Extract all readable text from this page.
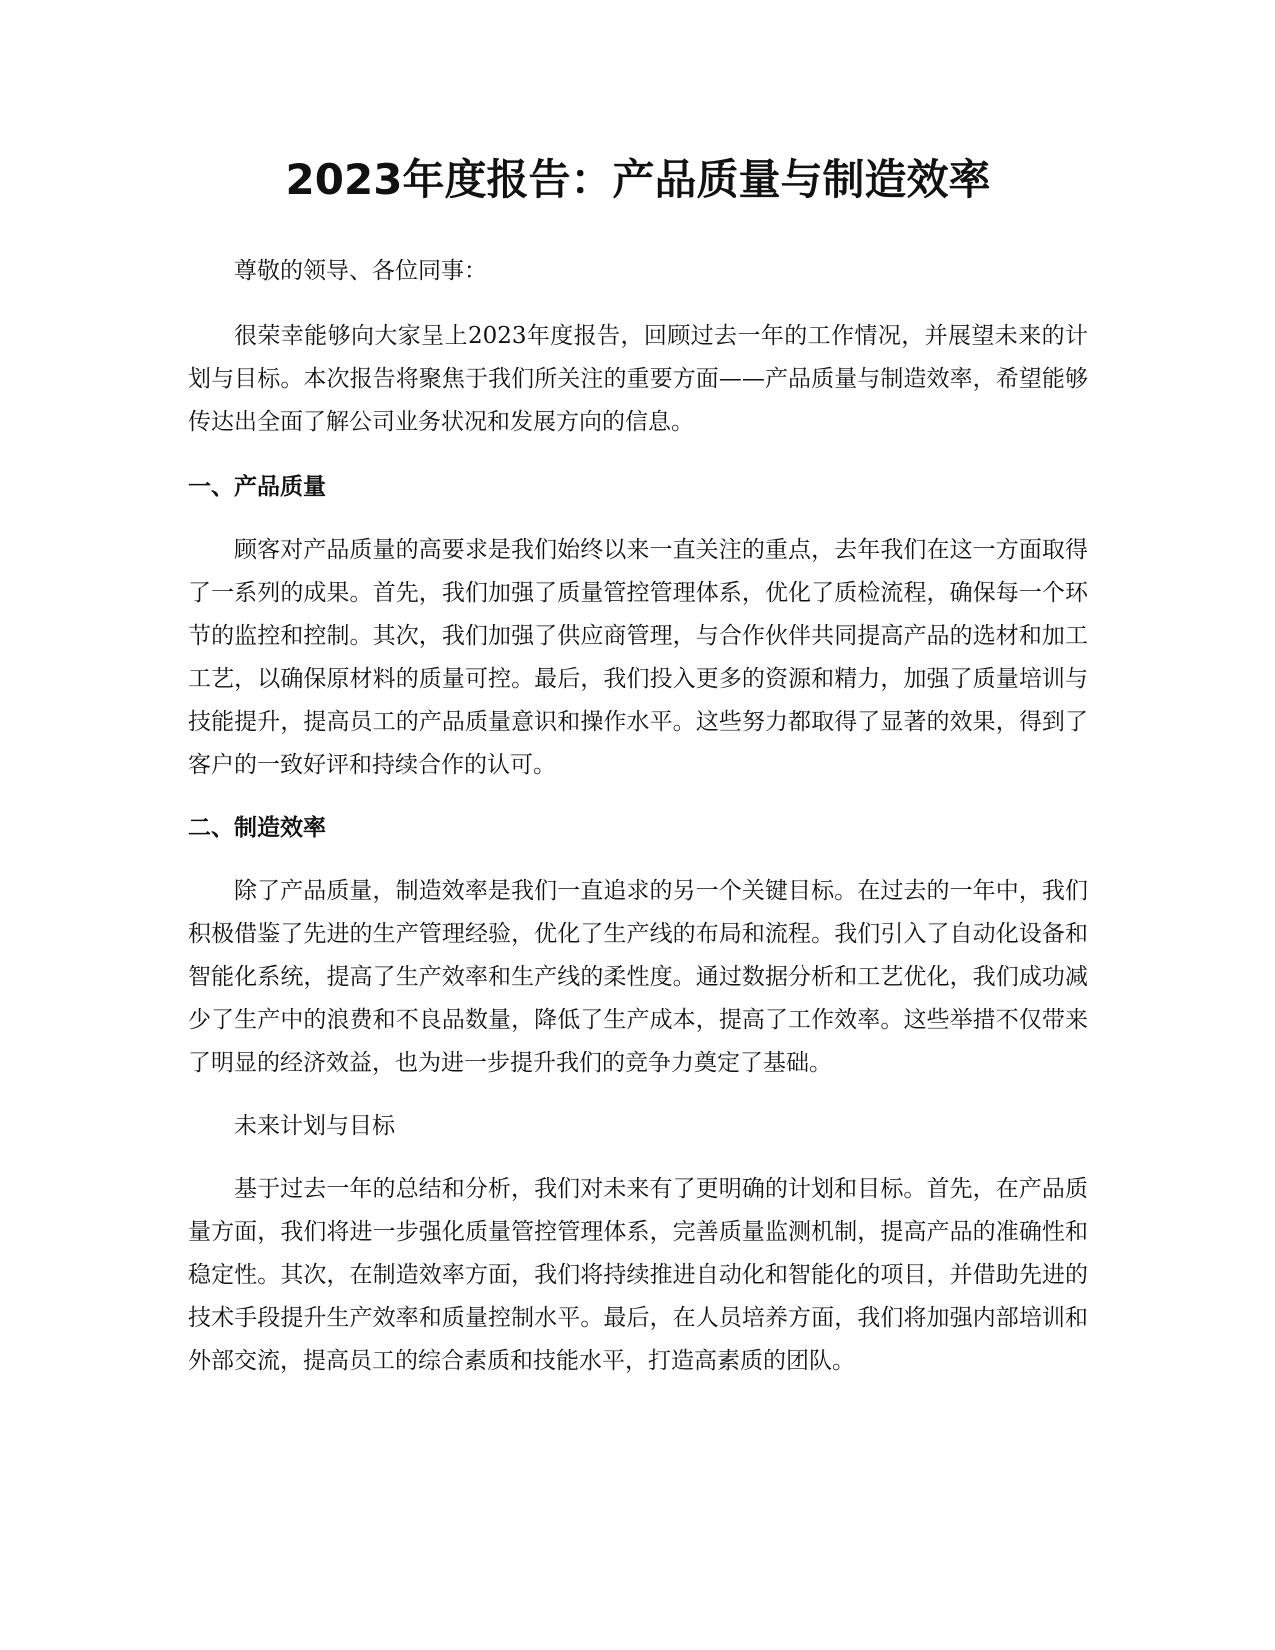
2023年度报告：产品质量与制造效率

尊敬的领导、各位同事：

很荣幸能够向大家呈上2023年度报告，回顾过去一年的工作情况，并展望未来的计划与目标。本次报告将聚焦于我们所关注的重要方面——产品质量与制造效率，希望能够传达出全面了解公司业务状况和发展方向的信息。

一、产品质量

顾客对产品质量的高要求是我们始终以来一直关注的重点，去年我们在这一方面取得了一系列的成果。首先，我们加强了质量管控管理体系，优化了质检流程，确保每一个环节的监控和控制。其次，我们加强了供应商管理，与合作伙伴共同提高产品的选材和加工工艺，以确保原材料的质量可控。最后，我们投入更多的资源和精力，加强了质量培训与技能提升，提高员工的产品质量意识和操作水平。这些努力都取得了显著的效果，得到了客户的一致好评和持续合作的认可。

二、制造效率

除了产品质量，制造效率是我们一直追求的另一个关键目标。在过去的一年中，我们积极借鉴了先进的生产管理经验，优化了生产线的布局和流程。我们引入了自动化设备和智能化系统，提高了生产效率和生产线的柔性度。通过数据分析和工艺优化，我们成功减少了生产中的浪费和不良品数量，降低了生产成本，提高了工作效率。这些举措不仅带来了明显的经济效益，也为进一步提升我们的竞争力奠定了基础。

未来计划与目标

基于过去一年的总结和分析，我们对未来有了更明确的计划和目标。首先，在产品质量方面，我们将进一步强化质量管控管理体系，完善质量监测机制，提高产品的准确性和稳定性。其次，在制造效率方面，我们将持续推进自动化和智能化的项目，并借助先进的技术手段提升生产效率和质量控制水平。最后，在人员培养方面，我们将加强内部培训和外部交流，提高员工的综合素质和技能水平，打造高素质的团队。
